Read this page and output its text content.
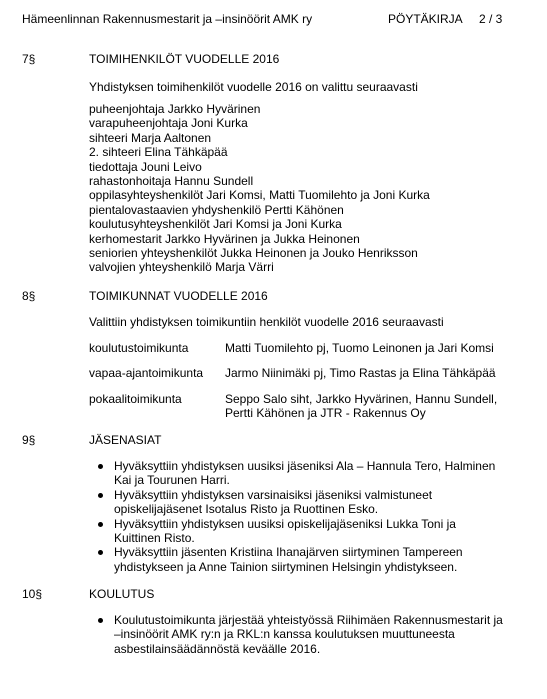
Hämeenlinnan Rakennusmestarit ja –insinöörit AMK ry	PÖYTÄKIRJA 2 / 3
7§	TOIMIHENKILÖT VUODELLE 2016
Yhdistyksen toimihenkilöt vuodelle 2016 on valittu seuraavasti
puheenjohtaja Jarkko Hyvärinen
varapuheenjohtaja Joni Kurka
sihteeri Marja Aaltonen
2. sihteeri Elina Tähkäpää
tiedottaja Jouni Leivo
rahastonhoitaja Hannu Sundell
oppilasyhteyshenkilöt Jari Komsi, Matti Tuomilehto ja Joni Kurka
pientalovastaavien yhdyshenkilö Pertti Kähönen
koulutusyhteyshenkilöt Jari Komsi ja Joni Kurka
kerhomestarit Jarkko Hyvärinen ja Jukka Heinonen
seniorien yhteyshenkilöt Jukka Heinonen ja Jouko Henriksson
valvojien yhteyshenkilö Marja Värri
8§	TOIMIKUNNAT VUODELLE 2016
Valittiin yhdistyksen toimikuntiin henkilöt vuodelle 2016 seuraavasti
koulutustoimikunta	Matti Tuomilehto pj, Tuomo Leinonen ja Jari Komsi
vapaa-ajantoimikunta Jarmo Niinimäki pj, Timo Rastas ja Elina Tähkäpää
pokaalitoimikunta	Seppo Salo siht, Jarkko Hyvärinen, Hannu Sundell,
Pertti Kähönen ja JTR - Rakennus Oy
9§	JÄSENASIAT
Hyväksyttiin yhdistyksen uusiksi jäseniksi Ala – Hannula Tero, Halminen
Kai ja Tourunen Harri.
Hyväksyttiin yhdistyksen varsinaisiksi jäseniksi valmistuneet
opiskelijajäsenet Isotalus Risto ja Ruottinen Esko.
Hyväksyttiin yhdistyksen uusiksi opiskelijajäseniksi Lukka Toni ja
Kuittinen Risto.
Hyväksyttiin jäsenten Kristiina Ihanajärven siirtyminen Tampereen
yhdistykseen ja Anne Tainion siirtyminen Helsingin yhdistykseen.
10§	KOULUTUS
Koulutustoimikunta järjestää yhteistyössä Riihimäen Rakennusmestarit ja
–insinöörit AMK ry:n ja RKL:n kanssa koulutuksen muuttuneesta
asbestilainsäädännöstä keväälle 2016.
